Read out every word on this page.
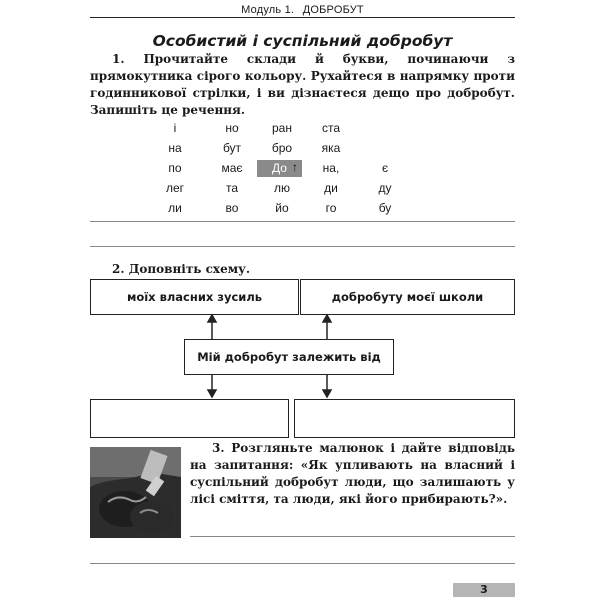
Модуль 1. ДОБРОБУТ
Особистий і суспільний добробут
1. Прочитайте склади й букви, починаючи з прямокутника сірого кольору. Рухайтеся в напрямку проти годинникової стрілки, і ви дізнаєтеся дещо про добробут. Запишіть це речення.
і	но	ран	ста
на	бут	бро	яка
по	має	До ↑	на,	є
лег	та	лю	ди	ду
ли	во	йо	го	бу
2. Доповніть схему.
моїх власних зусиль	добробуту моєї школи
Мій добробут залежить від
3. Розгляньте малюнок і дайте відповідь на запитання: «Як упливають на власний і суспільний добробут люди, що залишають у лісі сміття, та люди, які його прибирають?».
3
